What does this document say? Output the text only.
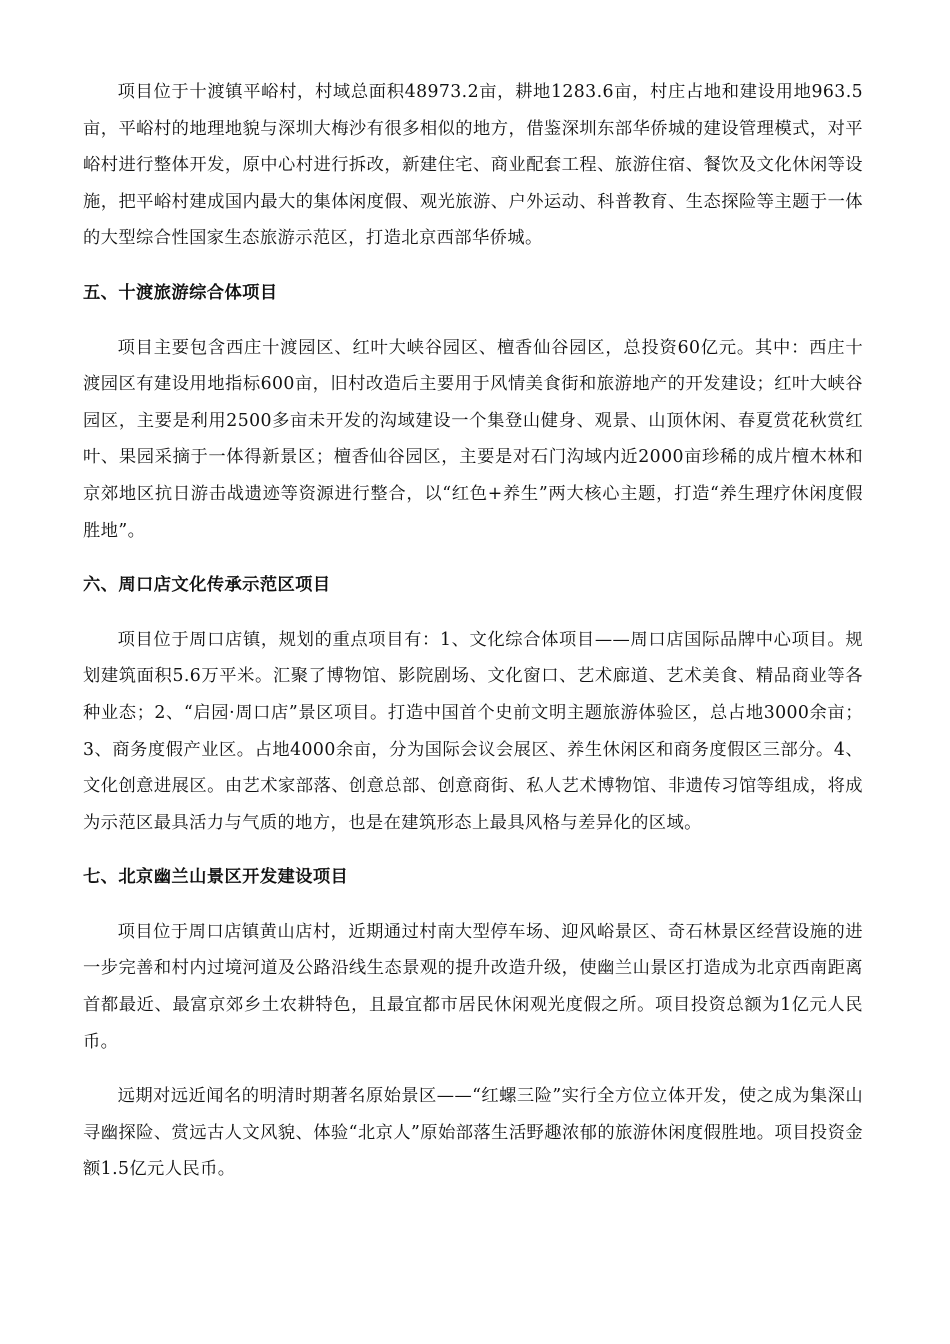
项目位于十渡镇平峪村，村域总面积48973.2亩，耕地1283.6亩，村庄占地和建设用地963.5亩，平峪村的地理地貌与深圳大梅沙有很多相似的地方，借鉴深圳东部华侨城的建设管理模式，对平峪村进行整体开发，原中心村进行拆改，新建住宅、商业配套工程、旅游住宿、餐饮及文化休闲等设施，把平峪村建成国内最大的集体闲度假、观光旅游、户外运动、科普教育、生态探险等主题于一体的大型综合性国家生态旅游示范区，打造北京西部华侨城。

五、十渡旅游综合体项目

项目主要包含西庄十渡园区、红叶大峡谷园区、檀香仙谷园区，总投资60亿元。其中：西庄十渡园区有建设用地指标600亩，旧村改造后主要用于风情美食街和旅游地产的开发建设；红叶大峡谷园区，主要是利用2500多亩未开发的沟域建设一个集登山健身、观景、山顶休闲、春夏赏花秋赏红叶、果园采摘于一体得新景区；檀香仙谷园区，主要是对石门沟域内近2000亩珍稀的成片檀木林和京郊地区抗日游击战遗迹等资源进行整合，以“红色+养生”两大核心主题，打造“养生理疗休闲度假胜地”。

六、周口店文化传承示范区项目

项目位于周口店镇，规划的重点项目有：1、文化综合体项目——周口店国际品牌中心项目。规划建筑面积5.6万平米。汇聚了博物馆、影院剧场、文化窗口、艺术廊道、艺术美食、精品商业等各种业态；2、“启园·周口店”景区项目。打造中国首个史前文明主题旅游体验区，总占地3000余亩；3、商务度假产业区。占地4000余亩，分为国际会议会展区、养生休闲区和商务度假区三部分。4、文化创意进展区。由艺术家部落、创意总部、创意商街、私人艺术博物馆、非遗传习馆等组成，将成为示范区最具活力与气质的地方，也是在建筑形态上最具风格与差异化的区域。

七、北京幽兰山景区开发建设项目

项目位于周口店镇黄山店村，近期通过村南大型停车场、迎风峪景区、奇石林景区经营设施的进一步完善和村内过境河道及公路沿线生态景观的提升改造升级，使幽兰山景区打造成为北京西南距离首都最近、最富京郊乡土农耕特色，且最宜都市居民休闲观光度假之所。项目投资总额为1亿元人民币。

远期对远近闻名的明清时期著名原始景区——“红螺三险”实行全方位立体开发，使之成为集深山寻幽探险、赏远古人文风貌、体验“北京人”原始部落生活野趣浓郁的旅游休闲度假胜地。项目投资金额1.5亿元人民币。
